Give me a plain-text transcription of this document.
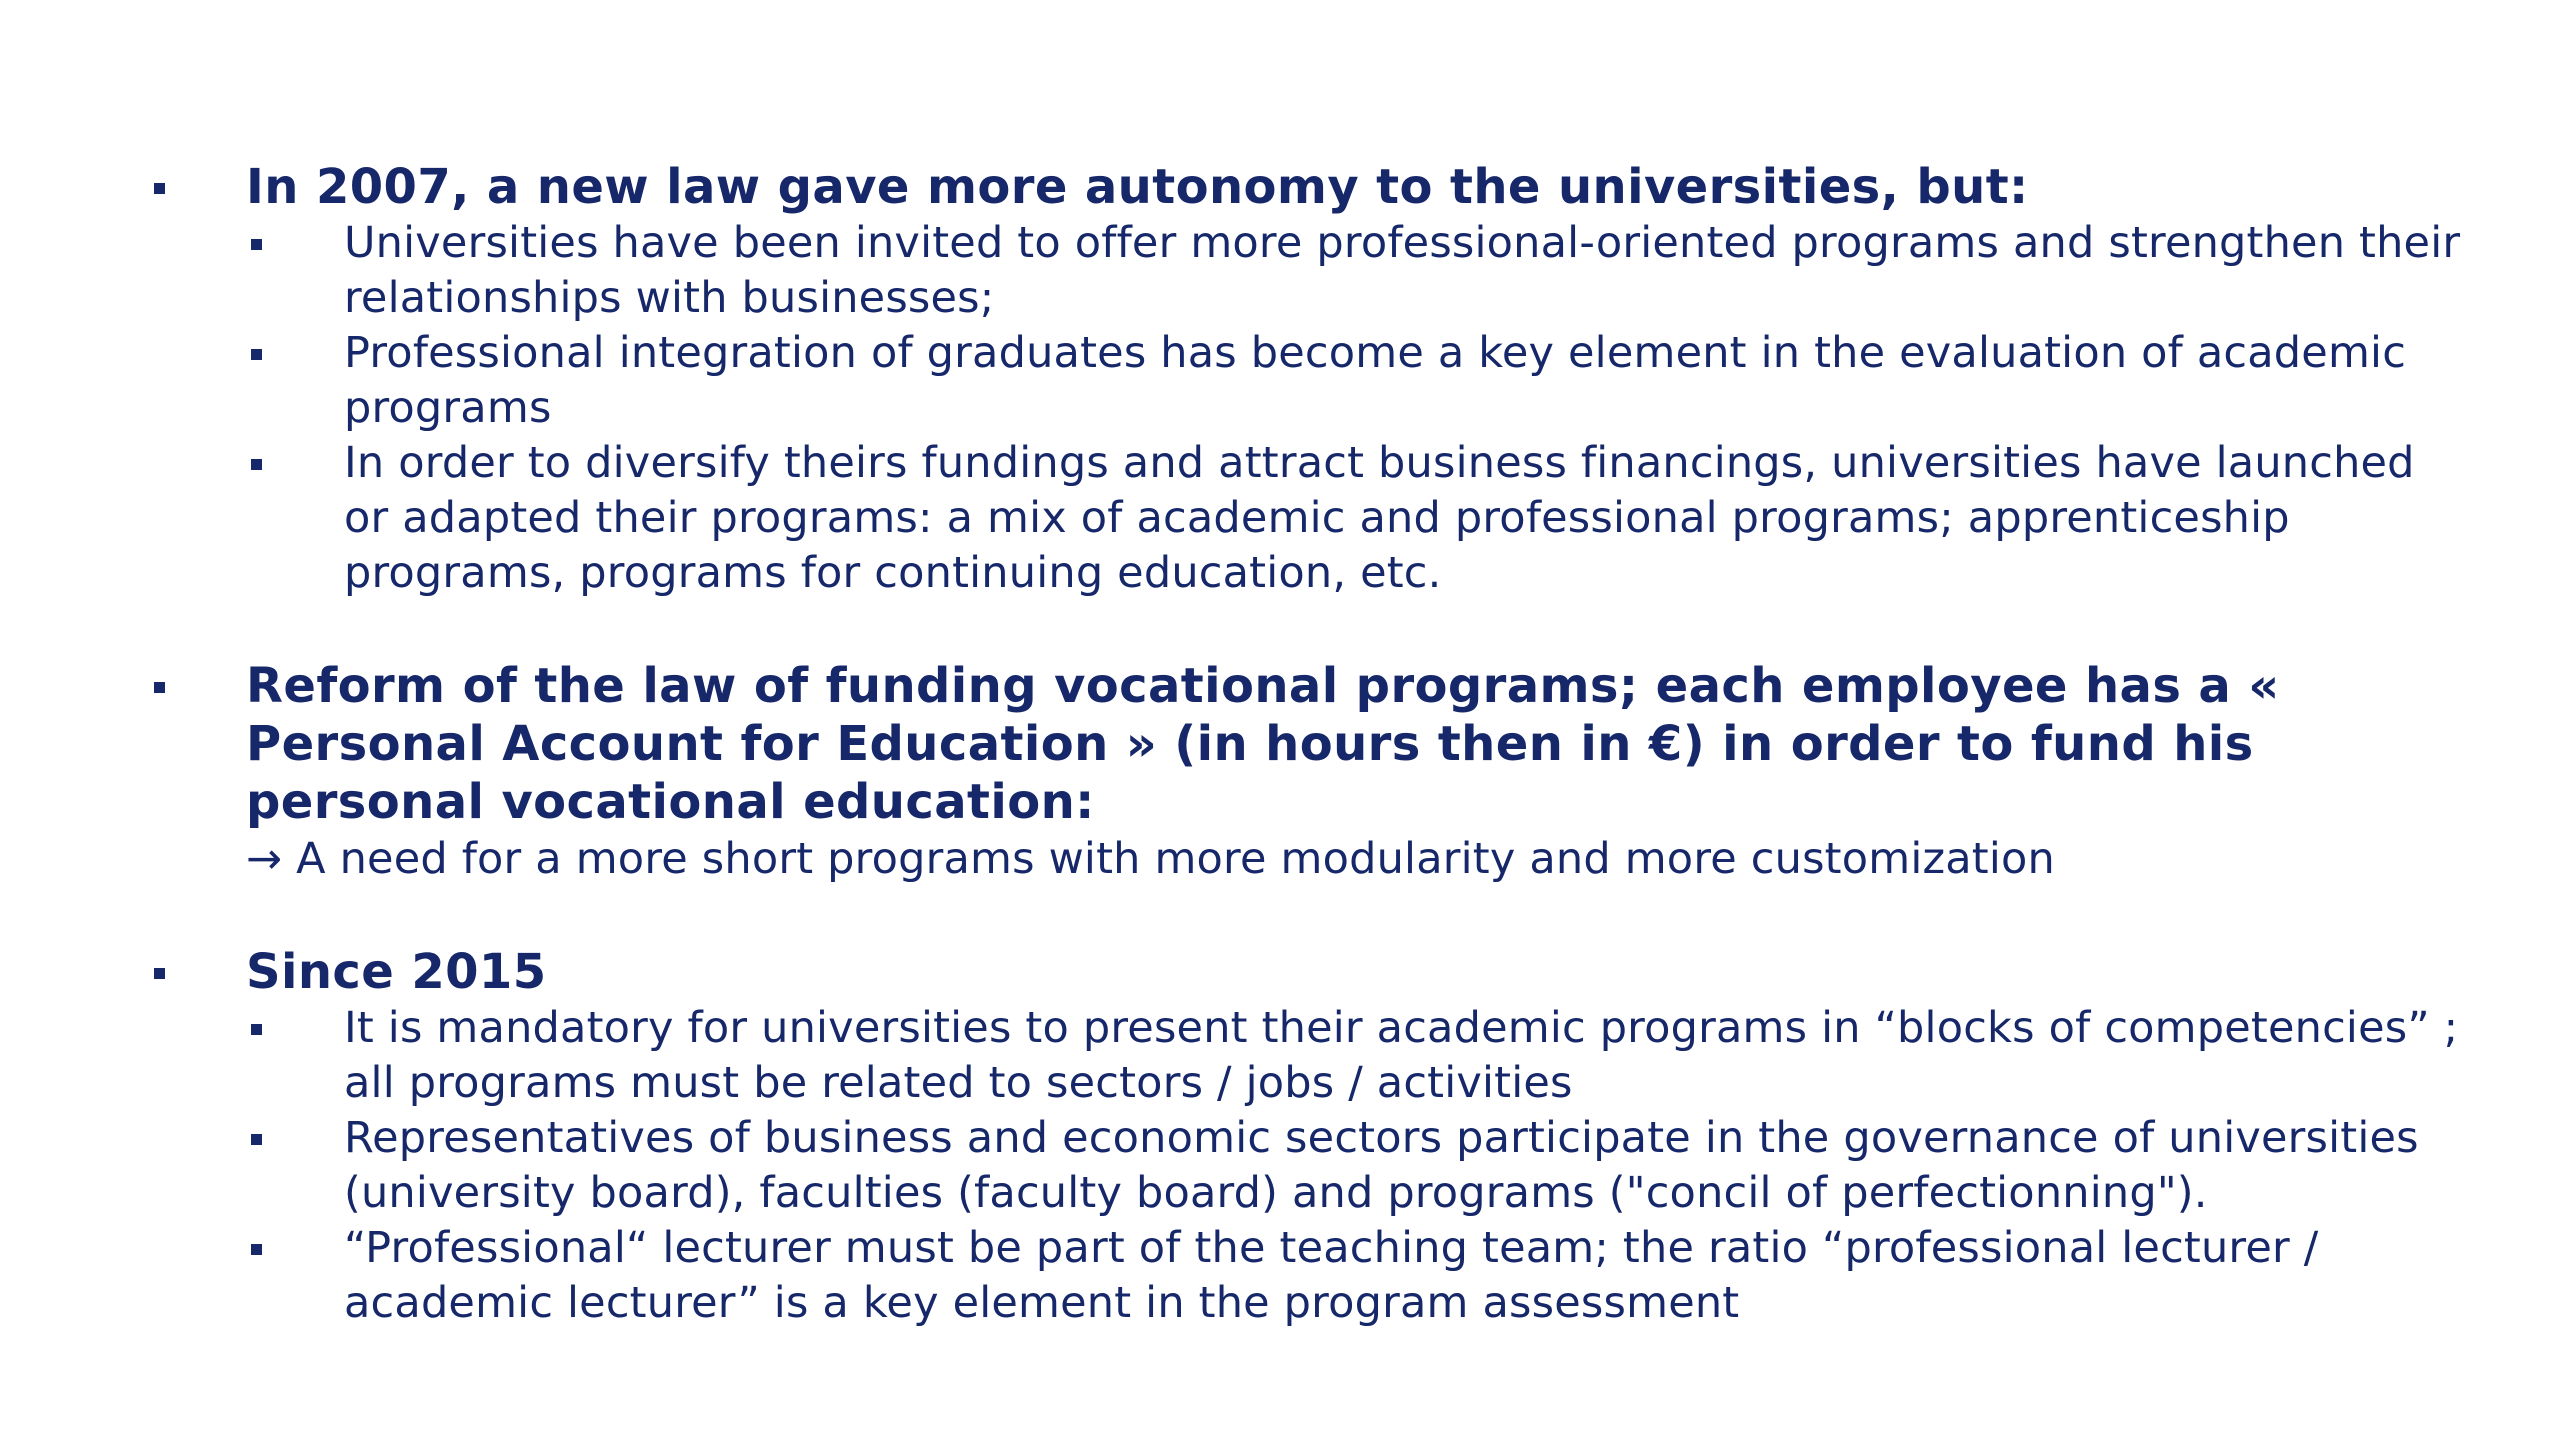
In 2007, a new law gave more autonomy to the universities, but:
Universities have been invited to offer more professional-oriented programs and strengthen their relationships with businesses;
Professional integration of graduates has become a key element in the evaluation of academic programs
In order to diversify theirs fundings and attract business financings, universities have launched or adapted their programs: a mix of academic and professional programs; apprenticeship programs, programs for continuing education, etc.
Reform of the law of funding vocational programs; each employee has a « Personal Account for Education » (in hours then in €) in order to fund his personal vocational education:
→ A need for a more short programs with more modularity and more customization
Since 2015
It is mandatory for universities to present their academic programs in “blocks of competencies” ; all programs must be related to sectors / jobs / activities
Representatives of business and economic sectors participate in the governance of universities (university board), faculties (faculty board) and programs ("concil of perfectionning").
“Professional“ lecturer must be part of the teaching team; the ratio “professional lecturer / academic lecturer” is a key element in the program assessment
